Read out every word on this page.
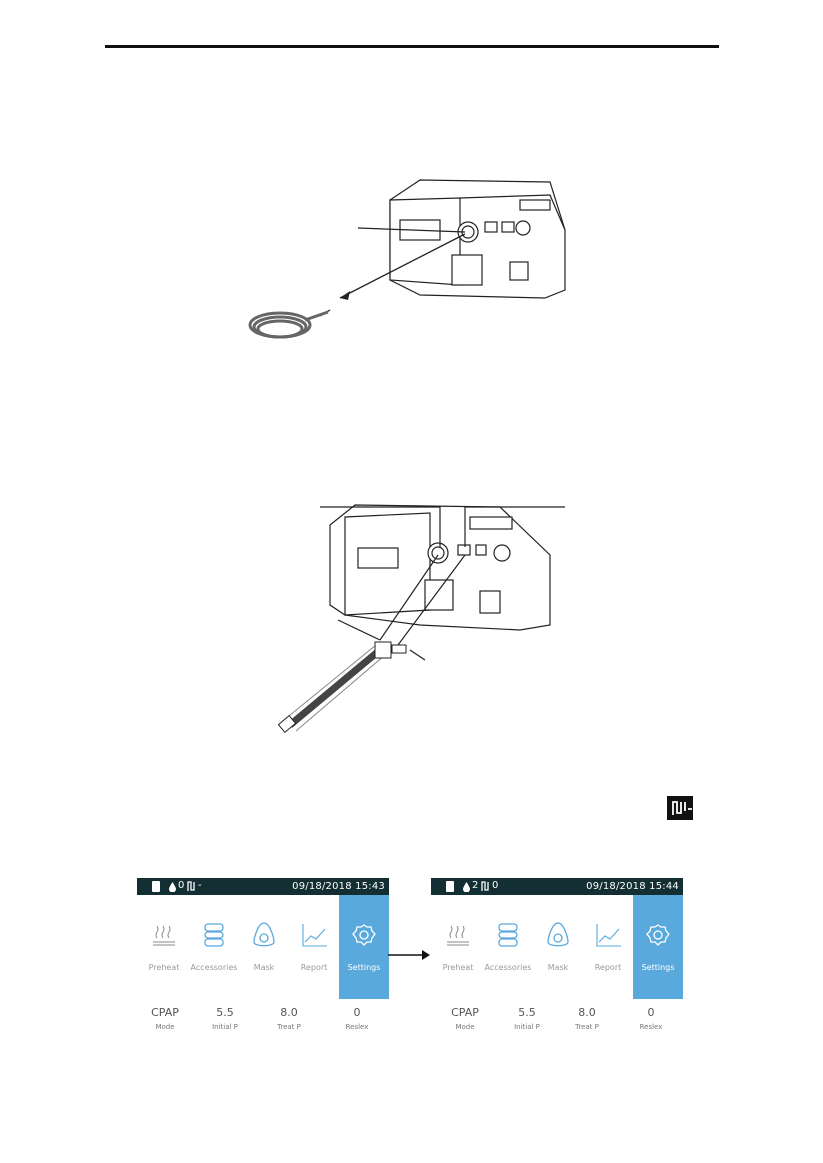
0 -	09/18/2018 15:43
Preheat	Accessories	Mask	Report	Settings
CPAP
Mode
5.5
Initial P
8.0
Treat P
0
Reslex
2 0	09/18/2018 15:44
Preheat	Accessories	Mask	Report	Settings
CPAP
Mode
5.5
Initial P
8.0
Treat P
0
Reslex
